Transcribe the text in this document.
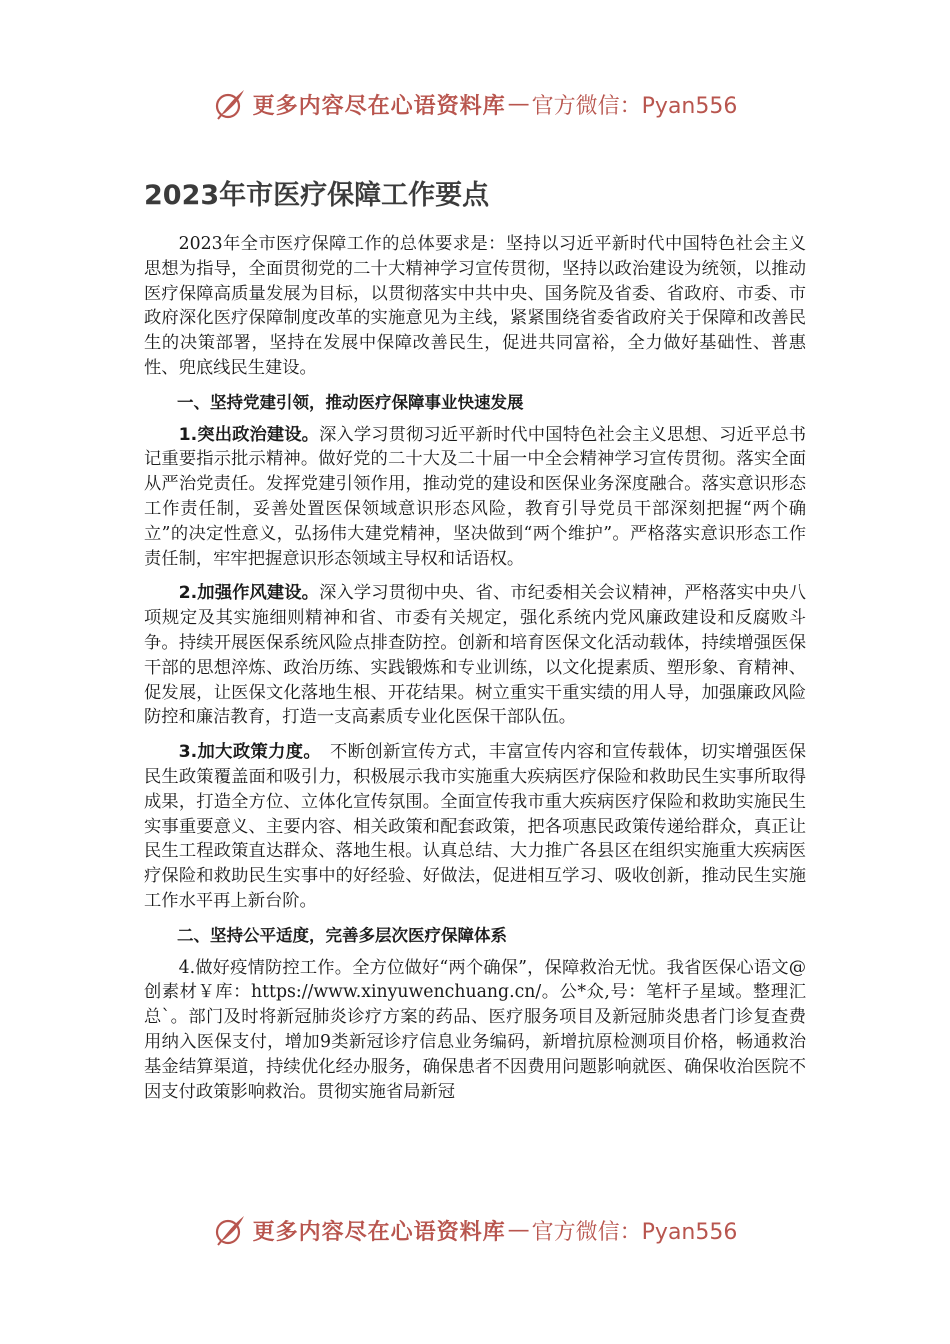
更多内容尽在心语资料库 — 官方微信：Pyan556
2023年市医疗保障工作要点

2023年全市医疗保障工作的总体要求是：坚持以习近平新时代中国特色社会主义思想为指导，全面贯彻党的二十大精神学习宣传贯彻，坚持以政治建设为统领，以推动医疗保障高质量发展为目标，以贯彻落实中共中央、国务院及省委、省政府、市委、市政府深化医疗保障制度改革的实施意见为主线，紧紧围绕省委省政府关于保障和改善民生的决策部署，坚持在发展中保障改善民生，促进共同富裕，全力做好基础性、普惠性、兜底线民生建设。

一、坚持党建引领，推动医疗保障事业快速发展

1.突出政治建设。深入学习贯彻习近平新时代中国特色社会主义思想、习近平总书记重要指示批示精神。做好党的二十大及二十届一中全会精神学习宣传贯彻。落实全面从严治党责任。发挥党建引领作用，推动党的建设和医保业务深度融合。落实意识形态工作责任制，妥善处置医保领域意识形态风险，教育引导党员干部深刻把握“两个确立”的决定性意义，弘扬伟大建党精神，坚决做到“两个维护”。严格落实意识形态工作责任制，牢牢把握意识形态领域主导权和话语权。

2.加强作风建设。深入学习贯彻中央、省、市纪委相关会议精神，严格落实中央八项规定及其实施细则精神和省、市委有关规定，强化系统内党风廉政建设和反腐败斗争。持续开展医保系统风险点排查防控。创新和培育医保文化活动载体，持续增强医保干部的思想淬炼、政治历练、实践锻炼和专业训练，以文化提素质、塑形象、育精神、促发展，让医保文化落地生根、开花结果。树立重实干重实绩的用人导，加强廉政风险防控和廉洁教育，打造一支高素质专业化医保干部队伍。

3.加大政策力度。　不断创新宣传方式，丰富宣传内容和宣传载体，切实增强医保民生政策覆盖面和吸引力，积极展示我市实施重大疾病医疗保险和救助民生实事所取得成果，打造全方位、立体化宣传氛围。全面宣传我市重大疾病医疗保险和救助实施民生实事重要意义、主要内容、相关政策和配套政策，把各项惠民政策传递给群众，真正让民生工程政策直达群众、落地生根。认真总结、大力推广各县区在组织实施重大疾病医疗保险和救助民生实事中的好经验、好做法，促进相互学习、吸收创新，推动民生实施工作水平再上新台阶。

二、坚持公平适度，完善多层次医疗保障体系

4.做好疫情防控工作。全方位做好“两个确保”，保障救治无忧。我省医保心语文@创素材￥库：https://www.xinyuwenchuang.cn/。公*众,号：笔杆子星域。整理汇总`。部门及时将新冠肺炎诊疗方案的药品、医疗服务项目及新冠肺炎患者门诊复查费用纳入医保支付，增加9类新冠诊疗信息业务编码，新增抗原检测项目价格，畅通救治基金结算渠道，持续优化经办服务，确保患者不因费用问题影响就医、确保收治医院不因支付政策影响救治。贯彻实施省局新冠

更多内容尽在心语资料库 — 官方微信：Pyan556
